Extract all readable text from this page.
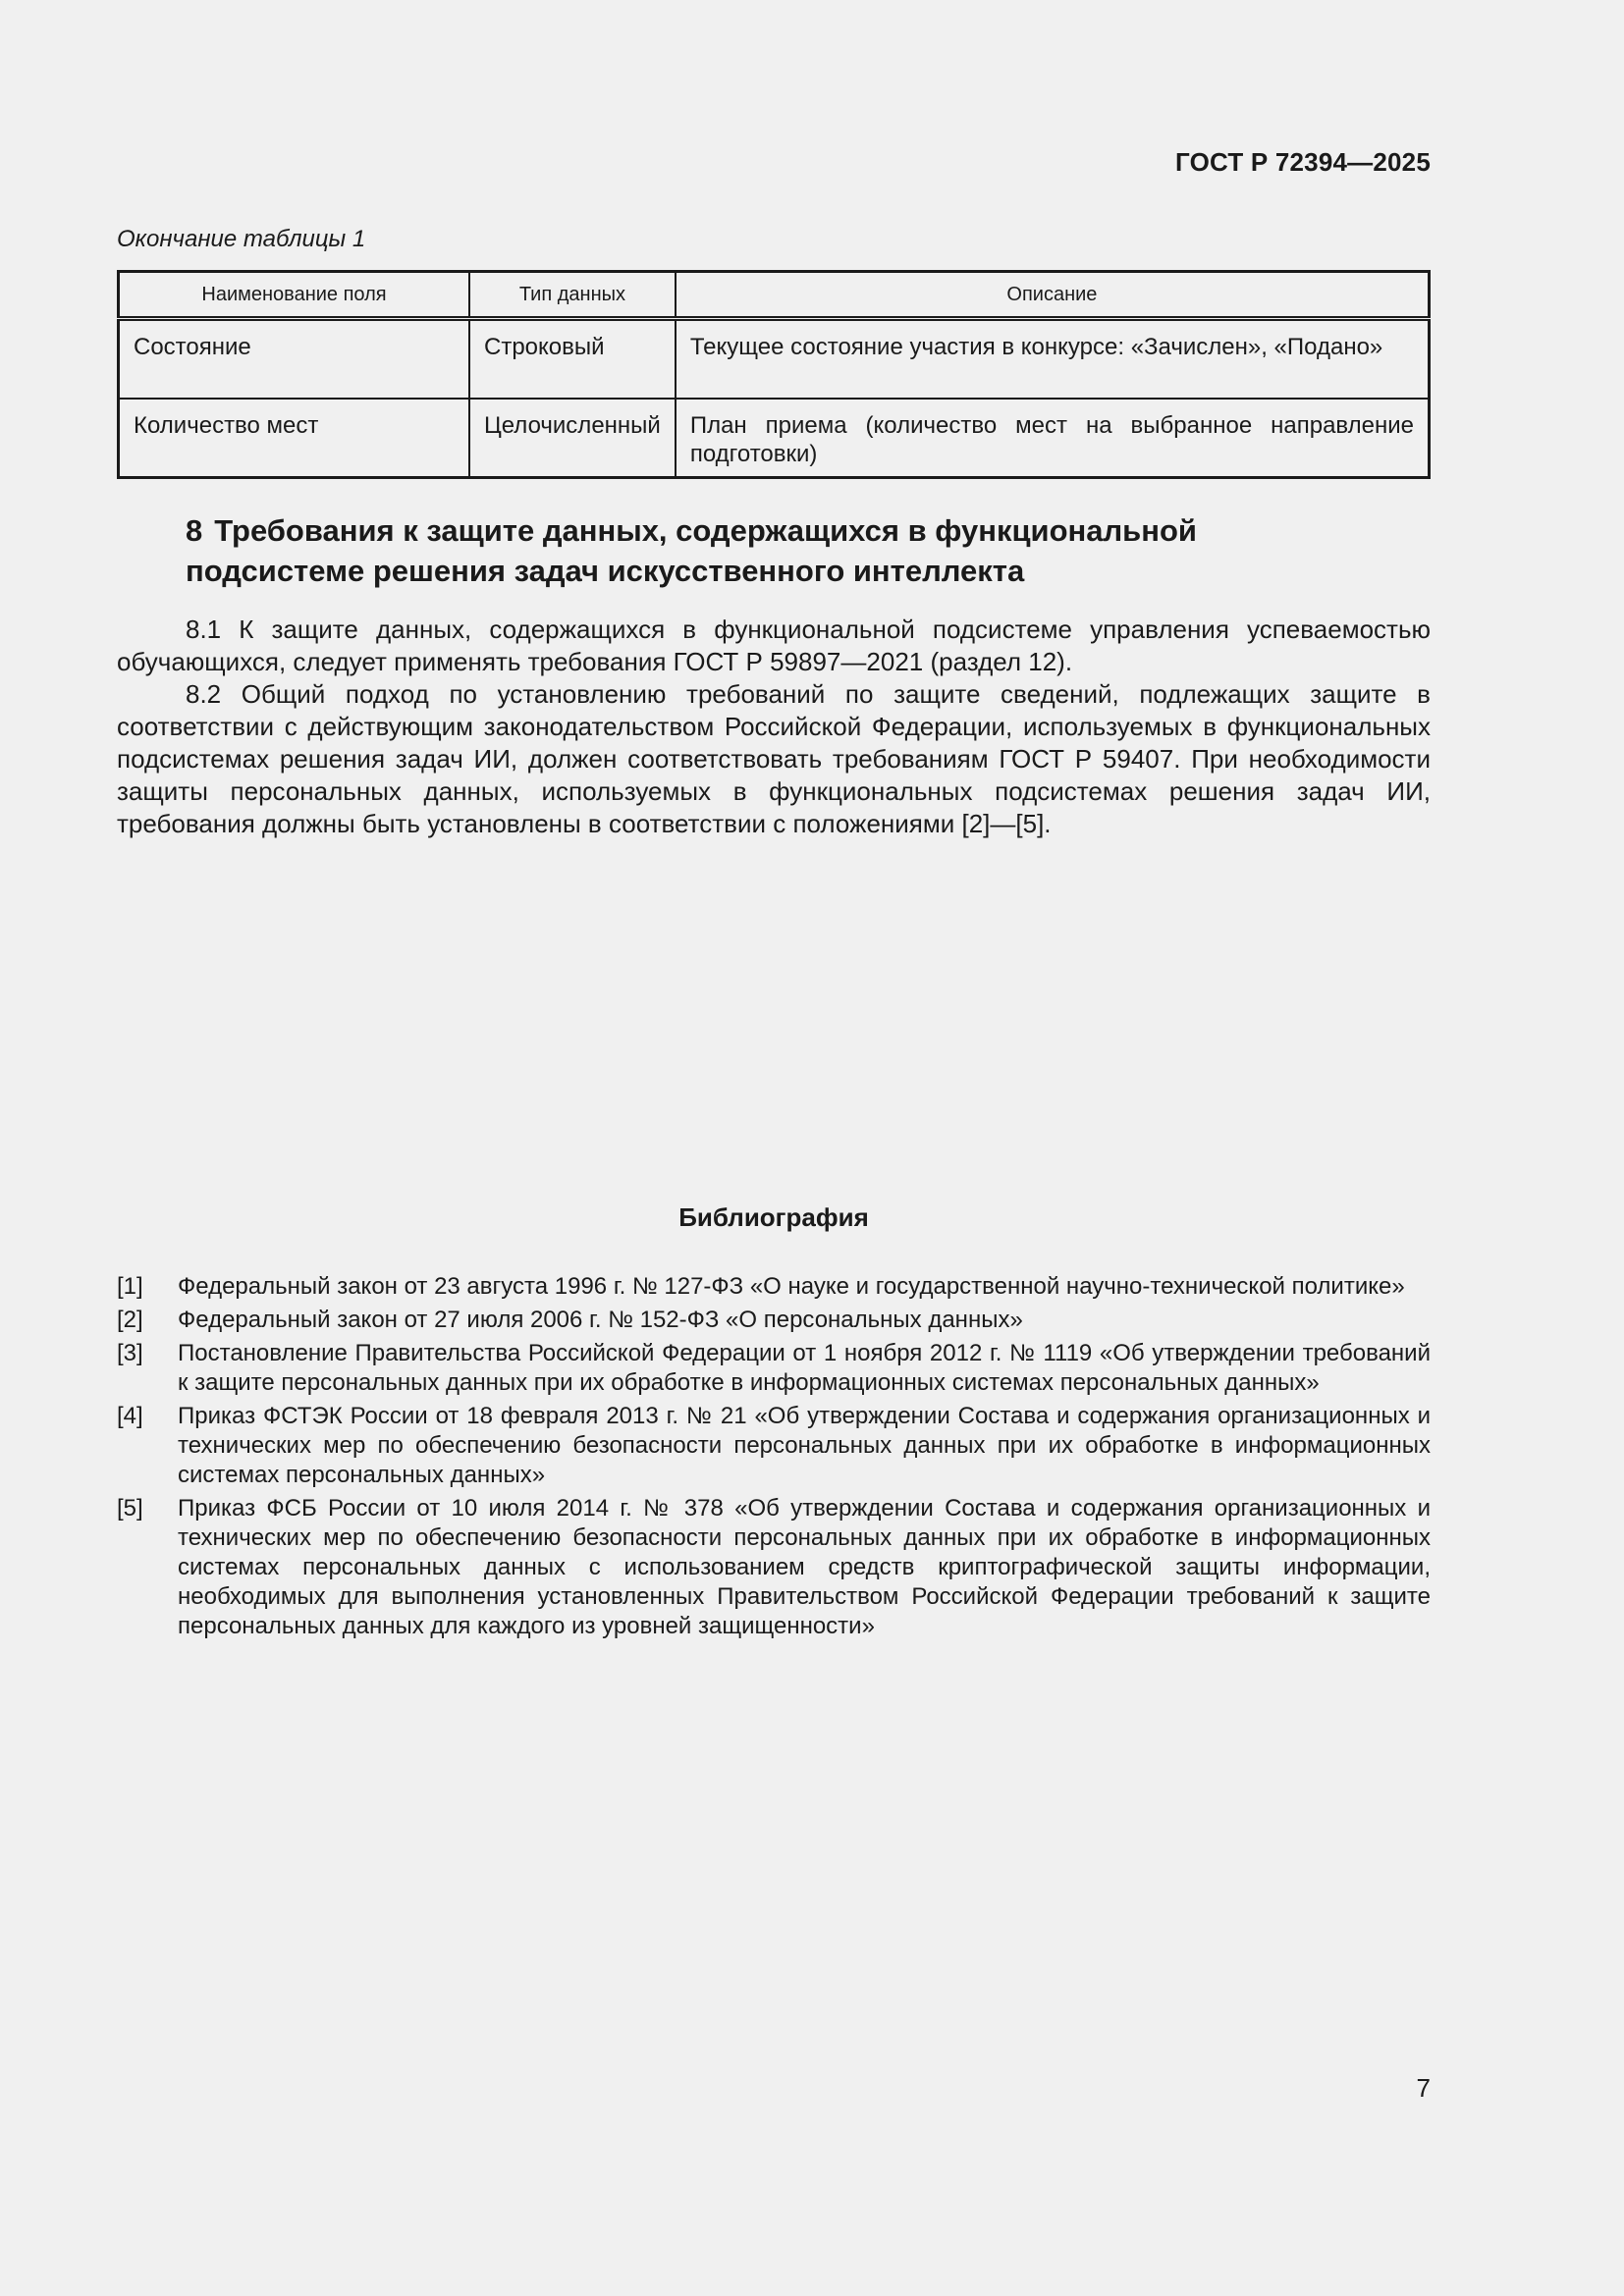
ГОСТ Р 72394—2025
Окончание таблицы 1
Наименование поля	Тип данных	Описание
Состояние	Строковый	Текущее состояние участия в конкурсе: «Зачислен», «Подано»
Количество мест	Целочисленный	План приема (количество мест на выбранное направление подготовки)
8 Требования к защите данных, содержащихся в функциональной подсистеме решения задач искусственного интеллекта

8.1 К защите данных, содержащихся в функциональной подсистеме управления успеваемостью обучающихся, следует применять требования ГОСТ Р 59897—2021 (раздел 12).

8.2 Общий подход по установлению требований по защите сведений, подлежащих защите в соответствии с действующим законодательством Российской Федерации, используемых в функциональных подсистемах решения задач ИИ, должен соответствовать требованиям ГОСТ Р 59407. При необходимости защиты персональных данных, используемых в функциональных подсистемах решения задач ИИ, требования должны быть установлены в соответствии с положениями [2]—[5].

Библиография
[1]	Федеральный закон от 23 августа 1996 г. № 127-ФЗ «О науке и государственной научно-технической политике»
[2]	Федеральный закон от 27 июля 2006 г. № 152-ФЗ «О персональных данных»
[3]	Постановление Правительства Российской Федерации от 1 ноября 2012 г. № 1119 «Об утверждении требований к защите персональных данных при их обработке в информационных системах персональных данных»
[4]	Приказ ФСТЭК России от 18 февраля 2013 г. № 21 «Об утверждении Состава и содержания организационных и технических мер по обеспечению безопасности персональных данных при их обработке в информационных системах персональных данных»
[5]	Приказ ФСБ России от 10 июля 2014 г. № 378 «Об утверждении Состава и содержания организационных и технических мер по обеспечению безопасности персональных данных при их обработке в информационных системах персональных данных с использованием средств криптографической защиты информации, необходимых для выполнения установленных Правительством Российской Федерации требований к защите персональных данных для каждого из уровней защищенности»
7
